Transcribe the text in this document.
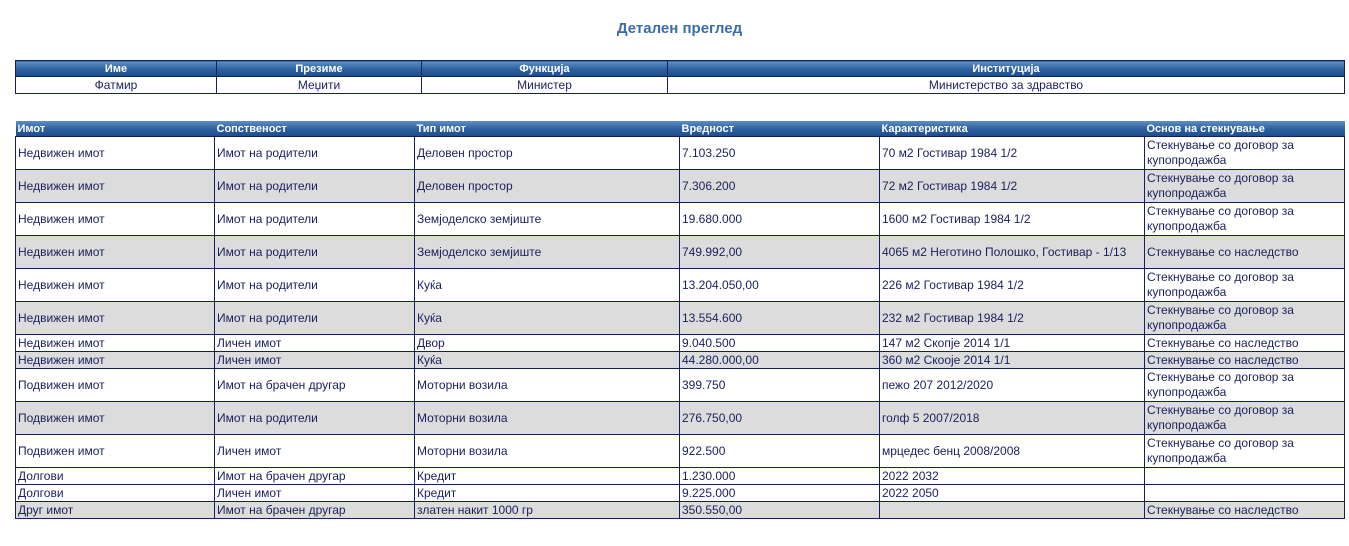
Детален преглед
Име	Презиме	Функција	Институција
Фатмир	Меџити	Министер	Министерство за здравство
Имот	Сопственост	Тип имот	Вредност	Карактеристика	Основ на стекнување
Недвижен имот	Имот на родители	Деловен простор	7.103.250	70 м2 Гостивар 1984 1/2	Стекнување со договор за купопродажба
Недвижен имот	Имот на родители	Деловен простор	7.306.200	72 м2 Гостивар 1984 1/2	Стекнување со договор за купопродажба
Недвижен имот	Имот на родители	Земјоделско земјиште	19.680.000	1600 м2 Гостивар 1984 1/2	Стекнување со договор за купопродажба
Недвижен имот	Имот на родители	Земјоделско земјиште	749.992,00	4065 м2 Неготино Полошко, Гостивар - 1/13	Стекнување со наследство
Недвижен имот	Имот на родители	Куќа	13.204.050,00	226 м2 Гостивар 1984 1/2	Стекнување со договор за купопродажба
Недвижен имот	Имот на родители	Куќа	13.554.600	232 м2 Гостивар 1984 1/2	Стекнување со договор за купопродажба
Недвижен имот	Личен имот	Двор	9.040.500	147 м2 Скопје 2014 1/1	Стекнување со наследство
Недвижен имот	Личен имот	Куќа	44.280.000,00	360 м2 Скооје 2014 1/1	Стекнување со наследство
Подвижен имот	Имот на брачен другар	Моторни возила	399.750	пежо 207 2012/2020	Стекнување со договор за купопродажба
Подвижен имот	Имот на родители	Моторни возила	276.750,00	голф 5 2007/2018	Стекнување со договор за купопродажба
Подвижен имот	Личен имот	Моторни возила	922.500	мрцедес бенц 2008/2008	Стекнување со договор за купопродажба
Долгови	Имот на брачен другар	Кредит	1.230.000	2022 2032	
Долгови	Личен имот	Кредит	9.225.000	2022 2050	
Друг имот	Имот на брачен другар	златен накит 1000 гр	350.550,00		Стекнување со наследство
